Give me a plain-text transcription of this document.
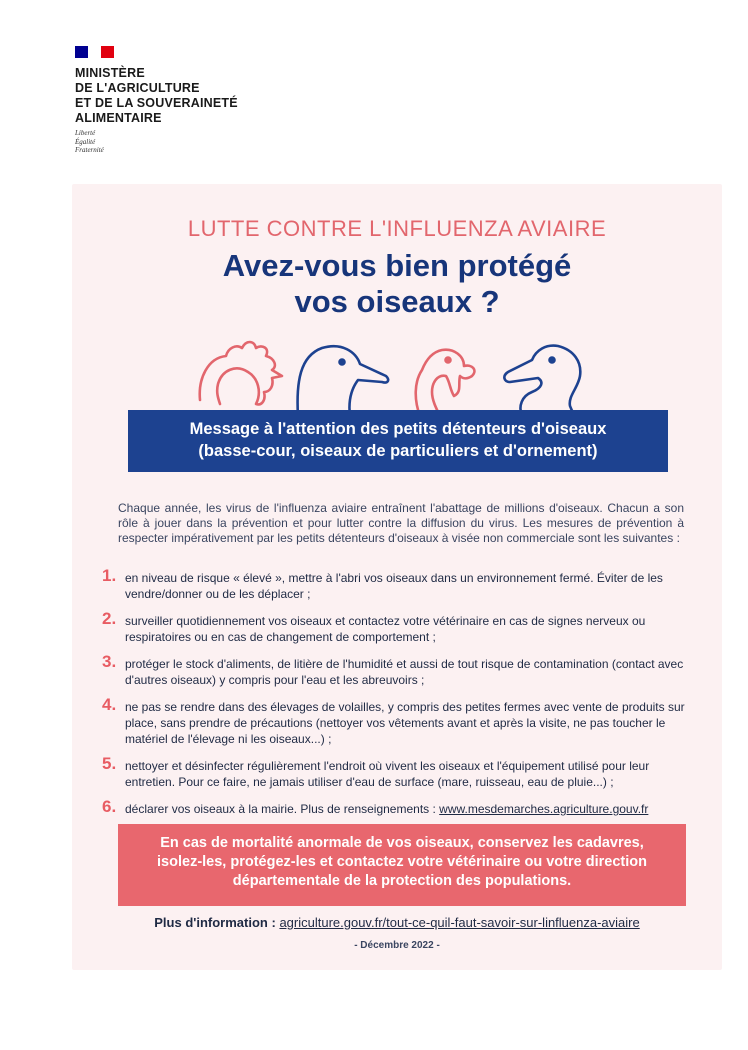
MINISTÈRE
DE L'AGRICULTURE
ET DE LA SOUVERAINETÉ
ALIMENTAIRE
Liberté
Égalité
Fraternité
LUTTE CONTRE L'INFLUENZA AVIAIRE
Avez-vous bien protégé
vos oiseaux ?
Message à l'attention des petits détenteurs d'oiseaux
(basse-cour, oiseaux de particuliers et d'ornement)
Chaque année, les virus de l'influenza aviaire entraînent l'abattage de millions d'oiseaux. Chacun a son rôle à jouer dans la prévention et pour lutter contre la diffusion du virus. Les mesures de prévention à respecter impérativement par les petits détenteurs d'oiseaux à visée non commerciale sont les suivantes :
1. en niveau de risque « élevé », mettre à l'abri vos oiseaux dans un environnement fermé. Éviter de les vendre/donner ou de les déplacer ;
2. surveiller quotidiennement vos oiseaux et contactez votre vétérinaire en cas de signes nerveux ou respiratoires ou en cas de changement de comportement ;
3. protéger le stock d'aliments, de litière de l'humidité et aussi de tout risque de contamination (contact avec d'autres oiseaux) y compris pour l'eau et les abreuvoirs ;
4. ne pas se rendre dans des élevages de volailles, y compris des petites fermes avec vente de produits sur place, sans prendre de précautions (nettoyer vos vêtements avant et après la visite, ne pas toucher le matériel de l'élevage ni les oiseaux...) ;
5. nettoyer et désinfecter régulièrement l'endroit où vivent les oiseaux et l'équipement utilisé pour leur entretien. Pour ce faire, ne jamais utiliser d'eau de surface (mare, ruisseau, eau de pluie...) ;
6. déclarer vos oiseaux à la mairie. Plus de renseignements : www.mesdemarches.agriculture.gouv.fr
En cas de mortalité anormale de vos oiseaux, conservez les cadavres,
isolez-les, protégez-les et contactez votre vétérinaire ou votre direction
départementale de la protection des populations.
Plus d'information : agriculture.gouv.fr/tout-ce-quil-faut-savoir-sur-linfluenza-aviaire
- Décembre 2022 -
